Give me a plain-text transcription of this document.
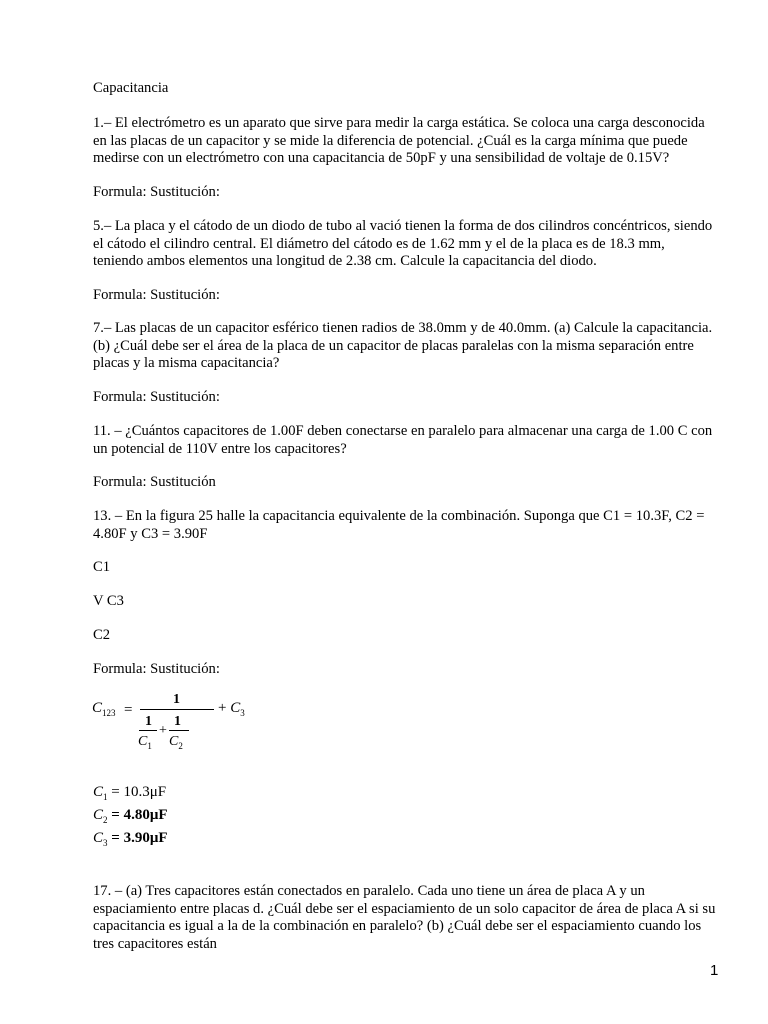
Capacitancia

1.– El electrómetro es un aparato que sirve para medir la carga estática. Se coloca una carga desconocida en las placas de un capacitor y se mide la diferencia de potencial. ¿Cuál es la carga mínima que puede medirse con un electrómetro con una capacitancia de 50pF y una sensibilidad de voltaje de 0.15V?

Formula: Sustitución:

5.– La placa y el cátodo de un diodo de tubo al vació tienen la forma de dos cilindros concéntricos, siendo el cátodo el cilindro central. El diámetro del cátodo es de 1.62 mm y el de la placa es de 18.3 mm, teniendo ambos elementos una longitud de 2.38 cm. Calcule la capacitancia del diodo.

Formula: Sustitución:

7.– Las placas de un capacitor esférico tienen radios de 38.0mm y de 40.0mm. (a) Calcule la capacitancia. (b) ¿Cuál debe ser el área de la placa de un capacitor de placas paralelas con la misma separación entre placas y la misma capacitancia?

Formula: Sustitución:

11. – ¿Cuántos capacitores de 1.00F deben conectarse en paralelo para almacenar una carga de 1.00 C con un potencial de 110V entre los capacitores?

Formula: Sustitución

13. – En la figura 25 halle la capacitancia equivalente de la combinación. Suponga que C1 = 10.3F, C2 = 4.80F y C3 = 3.90F

C1

V C3

C2

Formula: Sustitución:

$C_{123}$ =
1
+ $C_3$
1
$C_1$
+
1
$C_2$
$C_1 = 10.3\mu F$
$C_2 = 4.80\mu F$
$C_3 = 3.90\mu F$

17. – (a) Tres capacitores están conectados en paralelo. Cada uno tiene un área de placa A y un espaciamiento entre placas d. ¿Cuál debe ser el espaciamiento de un solo capacitor de área de placa A si su capacitancia es igual a la de la combinación en paralelo? (b) ¿Cuál debe ser el espaciamiento cuando los tres capacitores están

1
